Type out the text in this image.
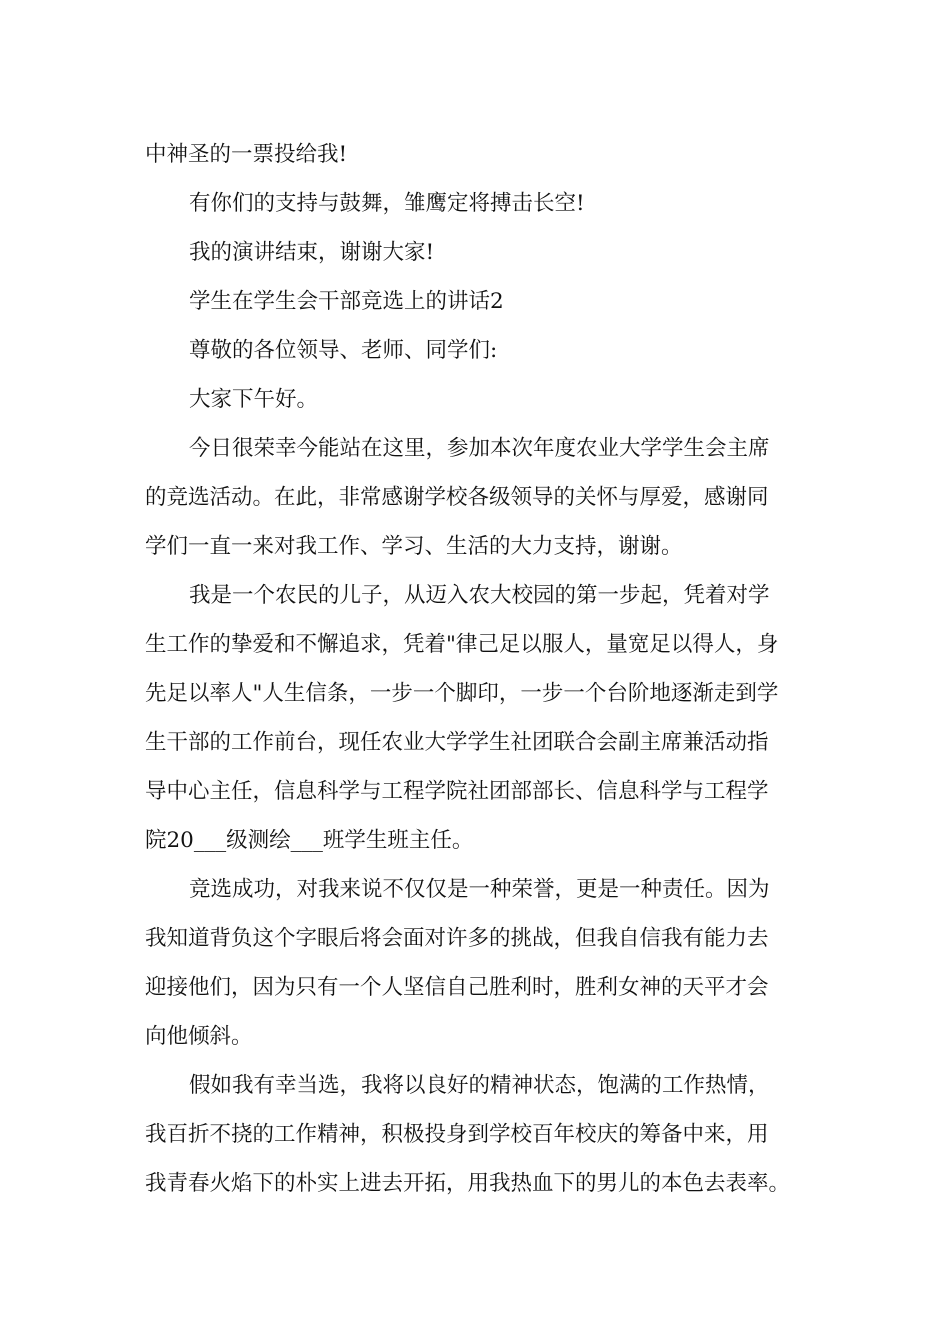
中神圣的一票投给我!

有你们的支持与鼓舞，雏鹰定将搏击长空!

我的演讲结束，谢谢大家!

学生在学生会干部竞选上的讲话2

尊敬的各位领导、老师、同学们:

大家下午好。

今日很荣幸今能站在这里，参加本次年度农业大学学生会主席
的竞选活动。在此，非常感谢学校各级领导的关怀与厚爱，感谢同
学们一直一来对我工作、学习、生活的大力支持，谢谢。

我是一个农民的儿子，从迈入农大校园的第一步起，凭着对学
生工作的挚爱和不懈追求，凭着"律己足以服人，量宽足以得人，身
先足以率人"人生信条，一步一个脚印，一步一个台阶地逐渐走到学
生干部的工作前台，现任农业大学学生社团联合会副主席兼活动指
导中心主任，信息科学与工程学院社团部部长、信息科学与工程学
院20___级测绘___班学生班主任。

竞选成功，对我来说不仅仅是一种荣誉，更是一种责任。因为
我知道背负这个字眼后将会面对许多的挑战，但我自信我有能力去
迎接他们，因为只有一个人坚信自己胜利时，胜利女神的天平才会
向他倾斜。

假如我有幸当选，我将以良好的精神状态，饱满的工作热情，
我百折不挠的工作精神，积极投身到学校百年校庆的筹备中来，用
我青春火焰下的朴实上进去开拓，用我热血下的男儿的本色去表率。
